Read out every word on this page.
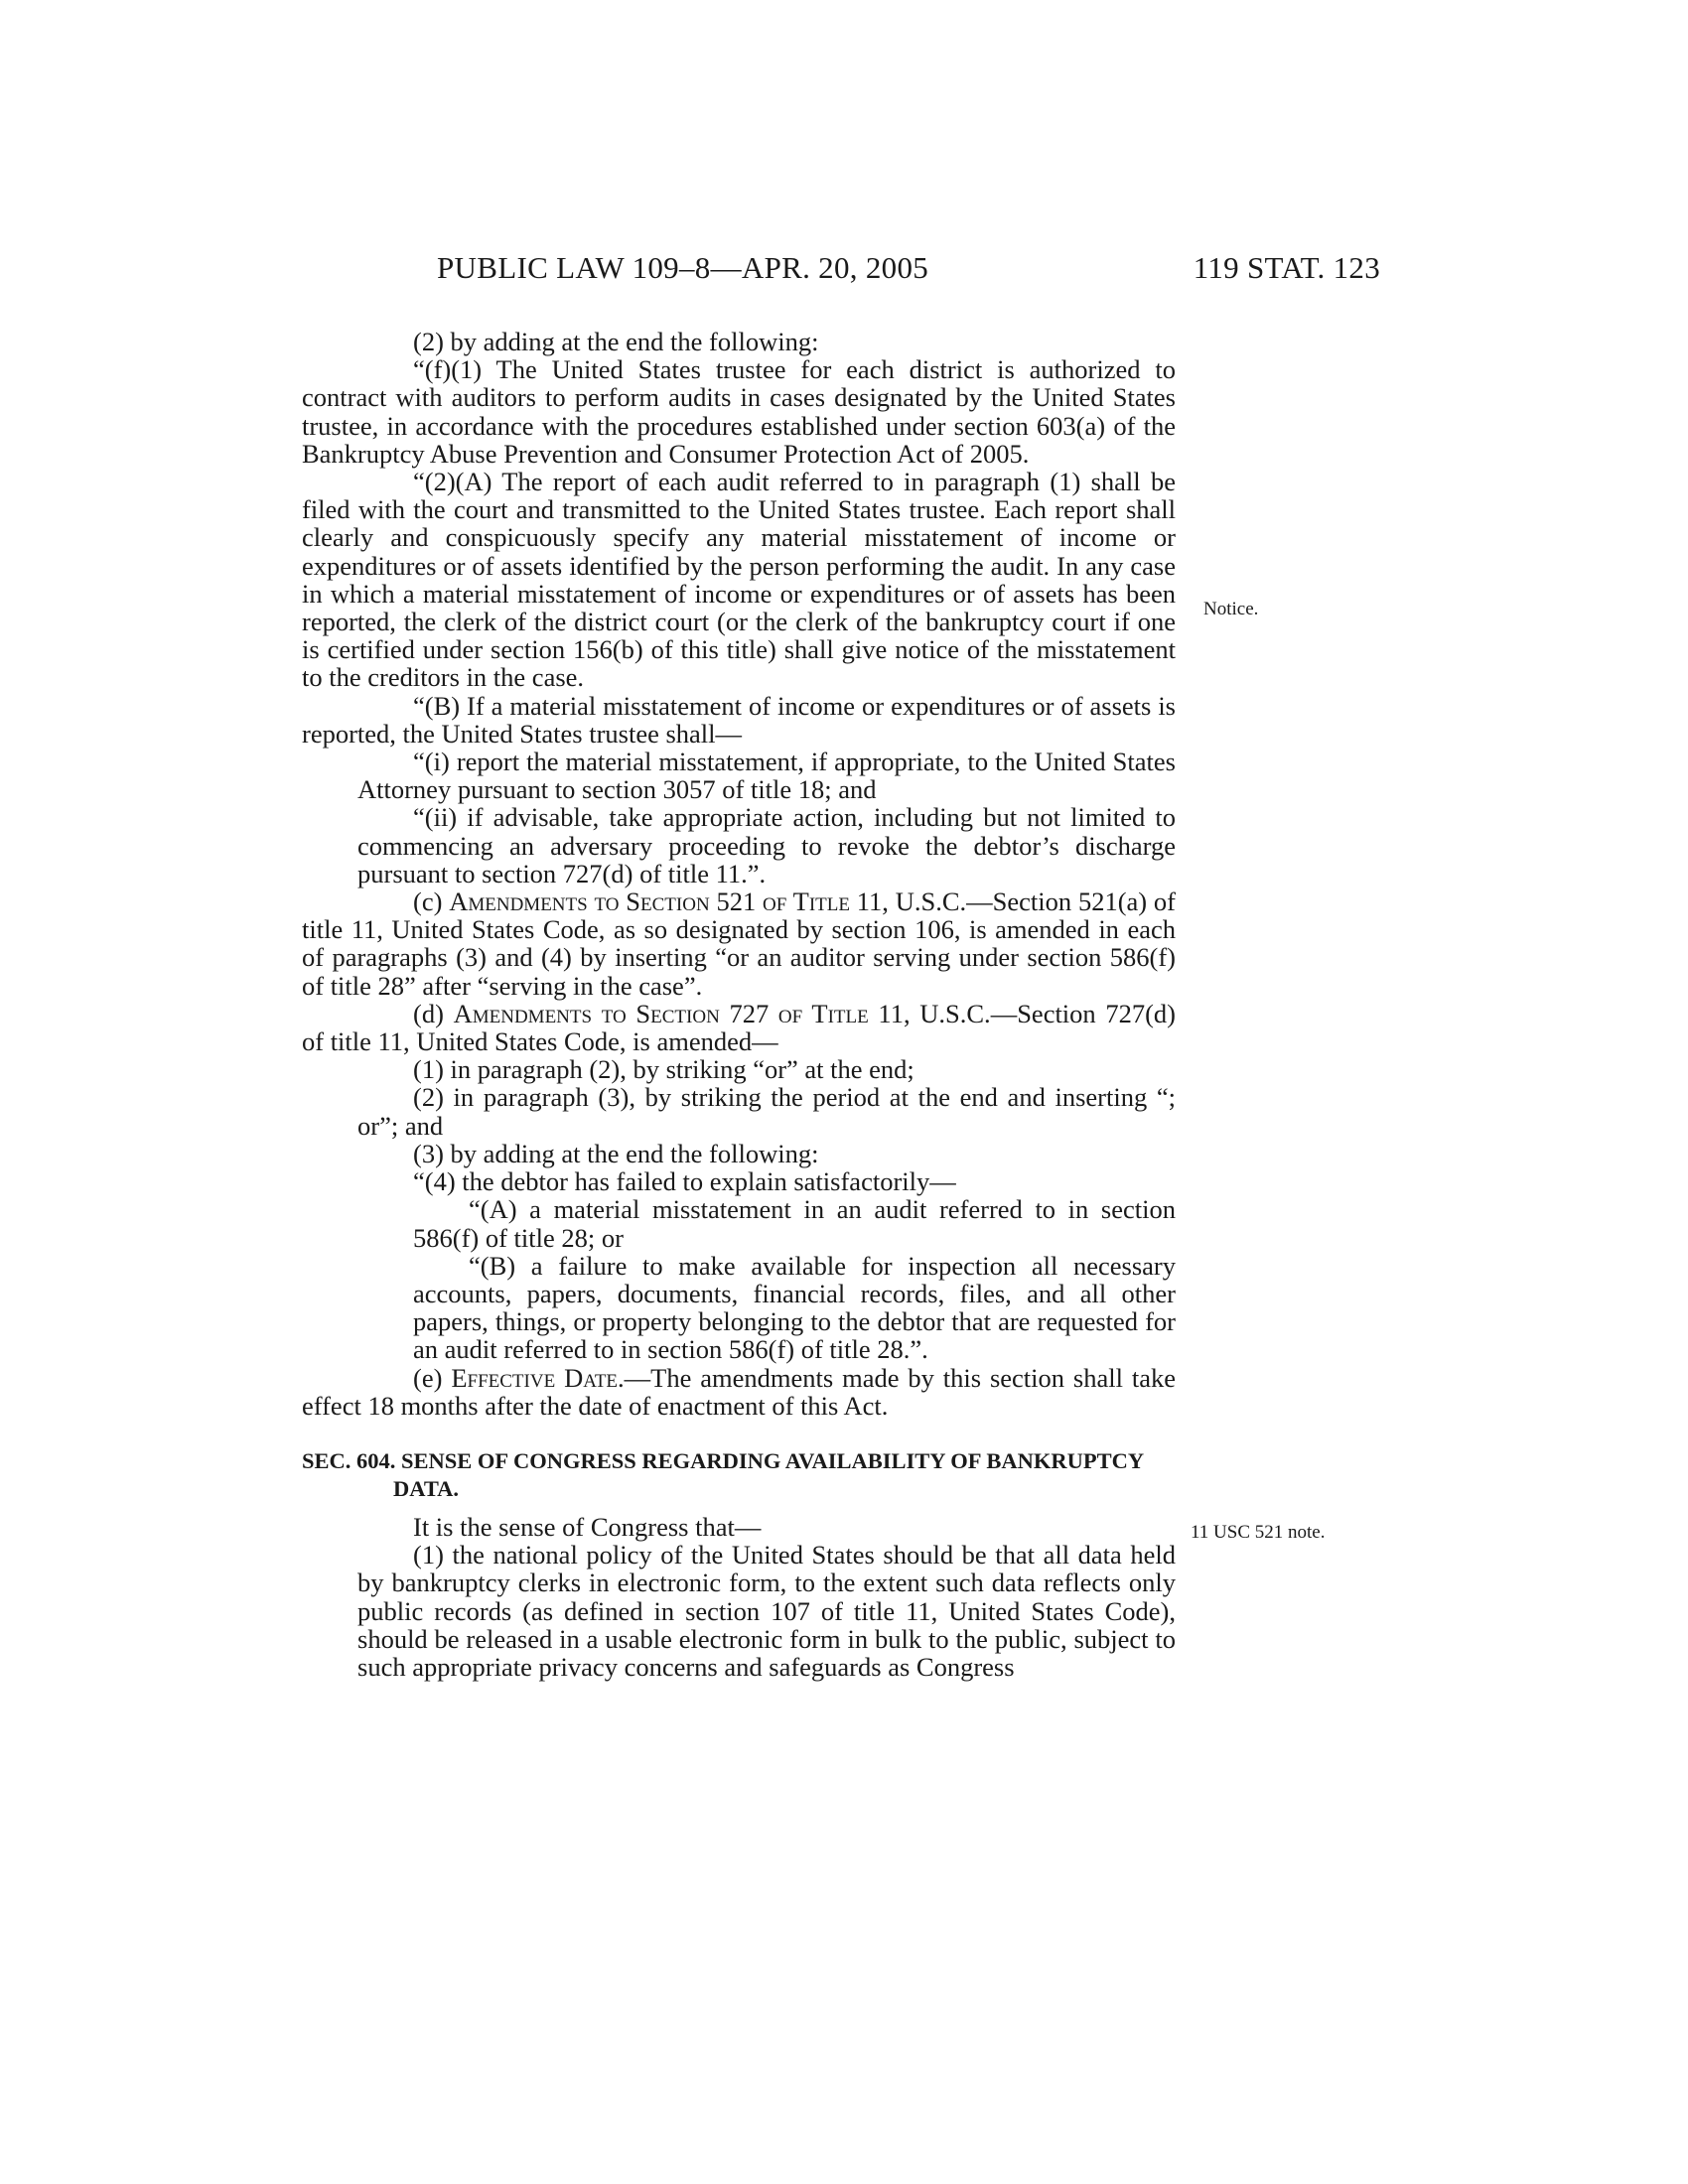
PUBLIC LAW 109–8—APR. 20, 2005	119 STAT. 123
Notice.
11 USC 521 note.

(2) by adding at the end the following:

“(f)(1) The United States trustee for each district is authorized to contract with auditors to perform audits in cases designated by the United States trustee, in accordance with the procedures established under section 603(a) of the Bankruptcy Abuse Prevention and Consumer Protection Act of 2005.

“(2)(A) The report of each audit referred to in paragraph (1) shall be filed with the court and transmitted to the United States trustee. Each report shall clearly and conspicuously specify any material misstatement of income or expenditures or of assets identified by the person performing the audit. In any case in which a material misstatement of income or expenditures or of assets has been reported, the clerk of the district court (or the clerk of the bankruptcy court if one is certified under section 156(b) of this title) shall give notice of the misstatement to the creditors in the case.

“(B) If a material misstatement of income or expenditures or of assets is reported, the United States trustee shall—

“(i) report the material misstatement, if appropriate, to the United States Attorney pursuant to section 3057 of title 18; and

“(ii) if advisable, take appropriate action, including but not limited to commencing an adversary proceeding to revoke the debtor’s discharge pursuant to section 727(d) of title 11.”.

(c) Amendments to Section 521 of Title 11, U.S.C.—Section 521(a) of title 11, United States Code, as so designated by section 106, is amended in each of paragraphs (3) and (4) by inserting “or an auditor serving under section 586(f) of title 28” after “serving in the case”.

(d) Amendments to Section 727 of Title 11, U.S.C.—Section 727(d) of title 11, United States Code, is amended—

(1) in paragraph (2), by striking “or” at the end;

(2) in paragraph (3), by striking the period at the end and inserting “; or”; and

(3) by adding at the end the following:

“(4) the debtor has failed to explain satisfactorily—

“(A) a material misstatement in an audit referred to in section 586(f) of title 28; or

“(B) a failure to make available for inspection all necessary accounts, papers, documents, financial records, files, and all other papers, things, or property belonging to the debtor that are requested for an audit referred to in section 586(f) of title 28.”.

(e) Effective Date.—The amendments made by this section shall take effect 18 months after the date of enactment of this Act.

SEC. 604. SENSE OF CONGRESS REGARDING AVAILABILITY OF BANKRUPTCY DATA.

It is the sense of Congress that—

(1) the national policy of the United States should be that all data held by bankruptcy clerks in electronic form, to the extent such data reflects only public records (as defined in section 107 of title 11, United States Code), should be released in a usable electronic form in bulk to the public, subject to such appropriate privacy concerns and safeguards as Congress
